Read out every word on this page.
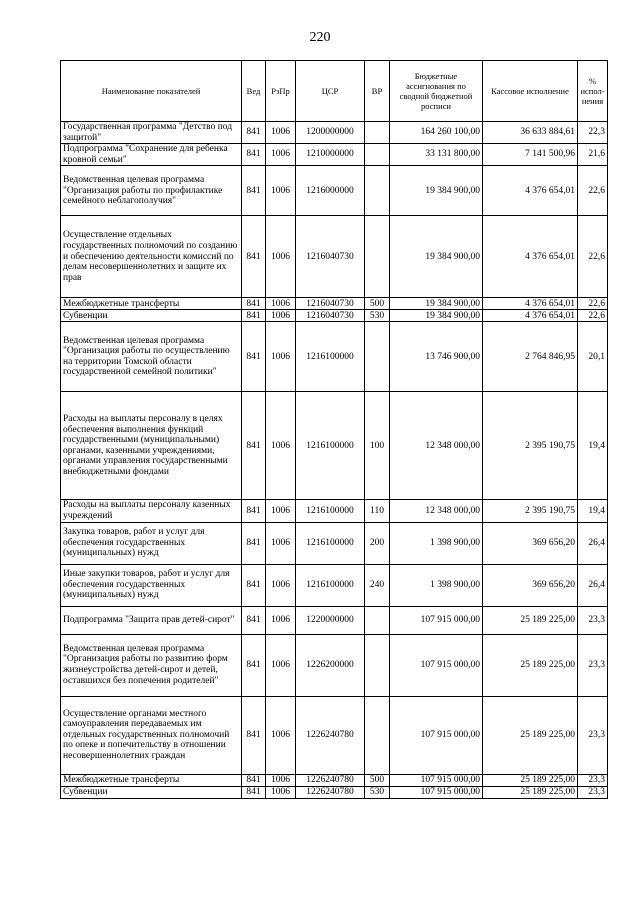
220
Наименование показателей	Вед	РзПр	ЦСР	ВР	Бюджетные ассигнования по сводной бюджетной росписи	Кассовое исполнение	% испол-нения
Государственная программа "Детство под защитой"	841	1006	1200000000		164 260 100,00	36 633 884,61	22,3
Подпрограмма "Сохранение для ребенка кровной семьи"	841	1006	1210000000		33 131 800,00	7 141 500,96	21,6
Ведомственная целевая программа "Организация работы по профилактике семейного неблагополучия"	841	1006	1216000000		19 384 900,00	4 376 654,01	22,6
Осуществление отдельных государственных полномочий по созданию и обеспечению деятельности комиссий по делам несовершеннолетних и защите их прав	841	1006	1216040730		19 384 900,00	4 376 654,01	22,6
Межбюджетные трансферты	841	1006	1216040730	500	19 384 900,00	4 376 654,01	22,6
Субвенции	841	1006	1216040730	530	19 384 900,00	4 376 654,01	22,6
Ведомственная целевая программа "Организация работы по осуществлению на территории Томской области государственной семейной политики"	841	1006	1216100000		13 746 900,00	2 764 846,95	20,1
Расходы на выплаты персоналу в целях обеспечения выполнения функций государственными (муниципальными) органами, казенными учреждениями, органами управления государственными внебюджетными фондами	841	1006	1216100000	100	12 348 000,00	2 395 190,75	19,4
Расходы на выплаты персоналу казенных учреждений	841	1006	1216100000	110	12 348 000,00	2 395 190,75	19,4
Закупка товаров, работ и услуг для обеспечения государственных (муниципальных) нужд	841	1006	1216100000	200	1 398 900,00	369 656,20	26,4
Иные закупки товаров, работ и услуг для обеспечения государственных (муниципальных) нужд	841	1006	1216100000	240	1 398 900,00	369 656,20	26,4
Подпрограмма "Защита прав детей-сирот"	841	1006	1220000000		107 915 000,00	25 189 225,00	23,3
Ведомственная целевая программа "Организация работы по развитию форм жизнеустройства детей-сирот и детей, оставшихся без попечения родителей"	841	1006	1226200000		107 915 000,00	25 189 225,00	23,3
Осуществление органами местного самоуправления передаваемых им отдельных государственных полномочий по опеке и попечительству в отношении несовершеннолетних граждан	841	1006	1226240780		107 915 000,00	25 189 225,00	23,3
Межбюджетные трансферты	841	1006	1226240780	500	107 915 000,00	25 189 225,00	23,3
Субвенции	841	1006	1226240780	530	107 915 000,00	25 189 225,00	23,3
